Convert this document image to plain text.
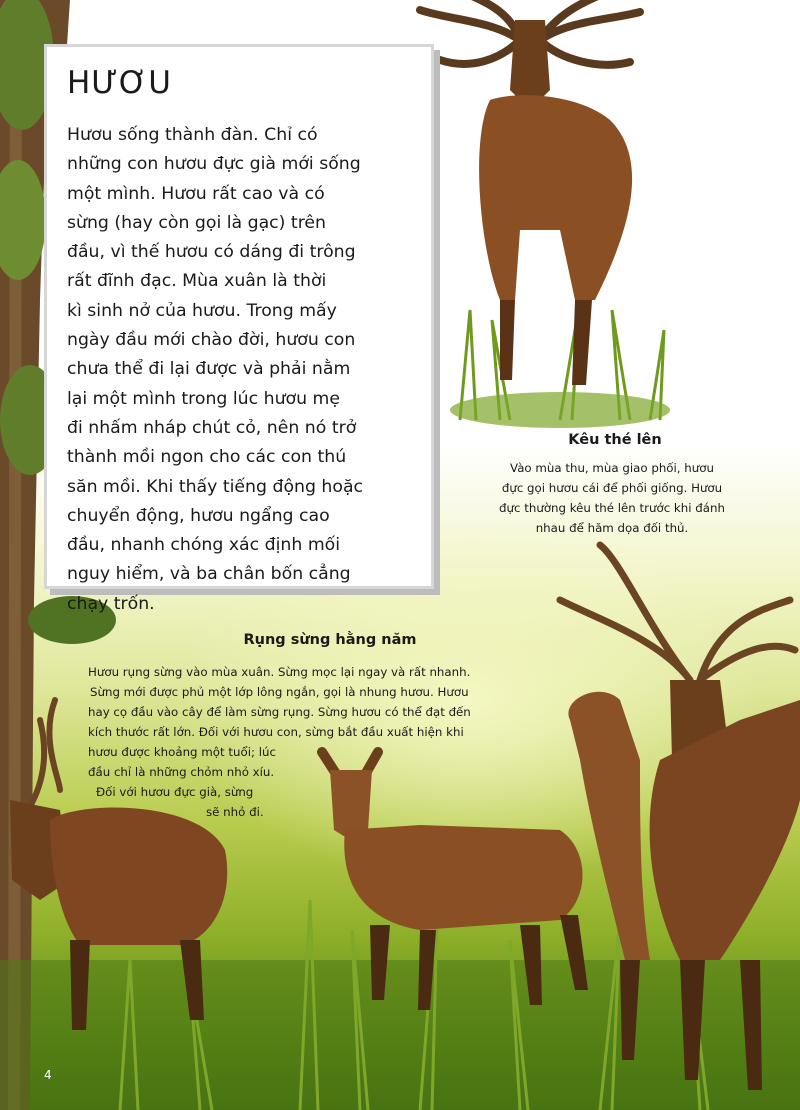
HƯƠU

Hươu sống thành đàn. Chỉ có
những con hươu đực già mới sống
một mình. Hươu rất cao và có
sừng (hay còn gọi là gạc) trên
đầu, vì thế hươu có dáng đi trông
rất đĩnh đạc. Mùa xuân là thời
kì sinh nở của hươu. Trong mấy
ngày đầu mới chào đời, hươu con
chưa thể đi lại được và phải nằm
lại một mình trong lúc hươu mẹ
đi nhấm nháp chút cỏ, nên nó trở
thành mồi ngon cho các con thú
săn mồi. Khi thấy tiếng động hoặc
chuyển động, hươu ngẩng cao
đầu, nhanh chóng xác định mối
nguy hiểm, và ba chân bốn cẳng
chạy trốn.

Kêu thé lên

Vào mùa thu, mùa giao phối, hươu
đực gọi hươu cái để phối giống. Hươu
đực thường kêu thé lên trước khi đánh
nhau để hăm dọa đối thủ.

Rụng sừng hằng năm

Hươu rụng sừng vào mùa xuân. Sừng mọc lại ngay và rất nhanh.
Sừng mới được phủ một lớp lông ngắn, gọi là nhung hươu. Hươu
hay cọ đầu vào cây để làm sừng rụng. Sừng hươu có thể đạt đến
kích thước rất lớn. Đối với hươu con, sừng bắt đầu xuất hiện khi
hươu được khoảng một tuổi; lúc
đầu chỉ là những chỏm nhỏ xíu.
Đối với hươu đực già, sừng
sẽ nhỏ đi.

4
